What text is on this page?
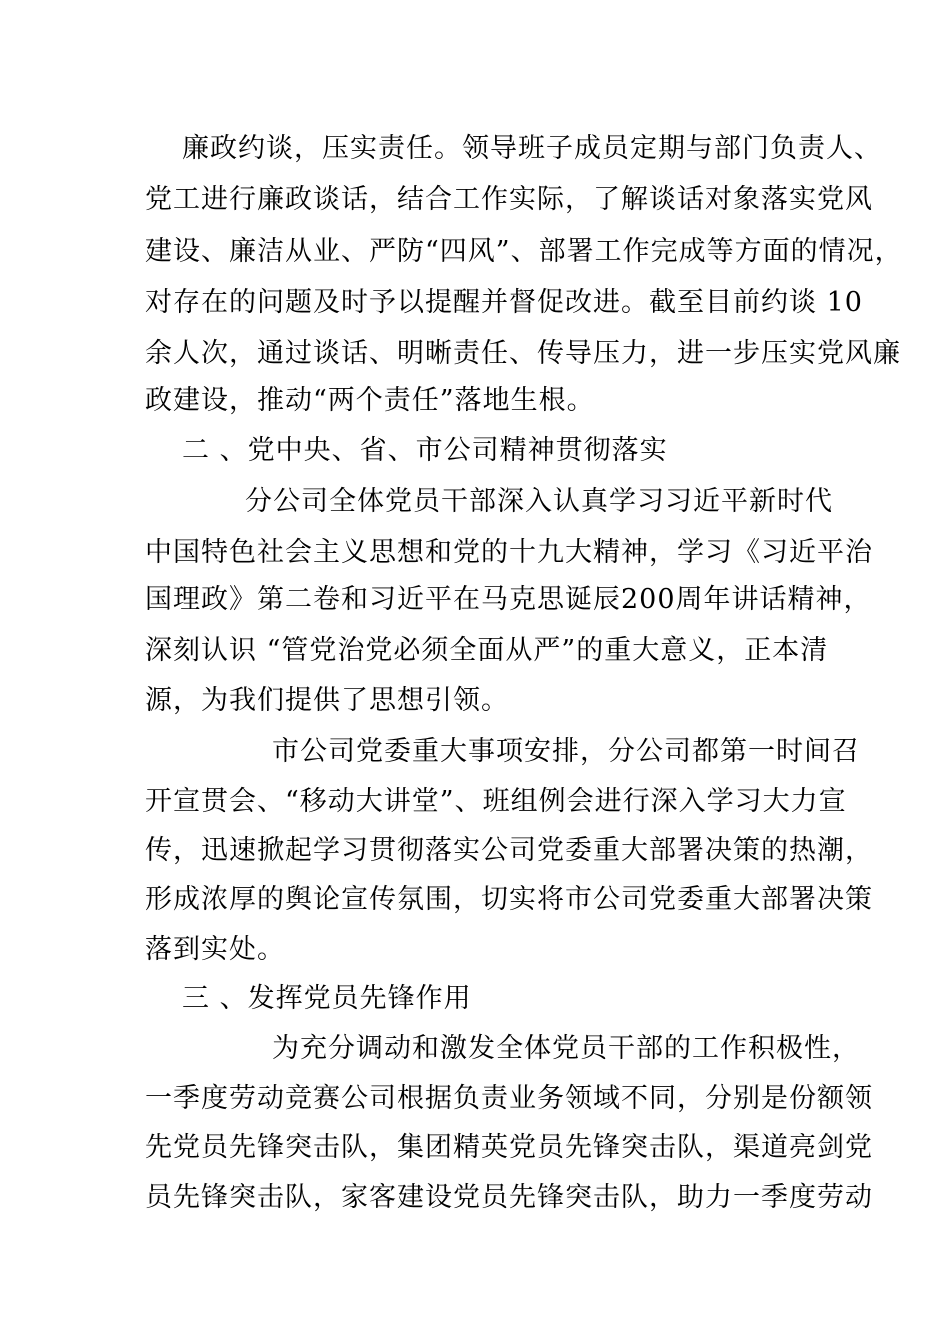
廉政约谈，压实责任。领导班子成员定期与部门负责人、
党工进行廉政谈话，结合工作实际，了解谈话对象落实党风
建设、廉洁从业、严防“四风”、部署工作完成等方面的情况，
对存在的问题及时予以提醒并督促改进。截至目前约谈 10
余人次，通过谈话、明晰责任、传导压力，进一步压实党风廉
政建设，推动“两个责任”落地生根。
二 、党中央、省、市公司精神贯彻落实
分公司全体党员干部深入认真学习习近平新时代
中国特色社会主义思想和党的十九大精神，学习《习近平治
国理政》第二卷和习近平在马克思诞辰200周年讲话精神，
深刻认识 “管党治党必须全面从严”的重大意义，正本清
源，为我们提供了思想引领。
市公司党委重大事项安排，分公司都第一时间召
开宣贯会、“移动大讲堂”、班组例会进行深入学习大力宣
传，迅速掀起学习贯彻落实公司党委重大部署决策的热潮，
形成浓厚的舆论宣传氛围，切实将市公司党委重大部署决策
落到实处。
三 、发挥党员先锋作用
为充分调动和激发全体党员干部的工作积极性，
一季度劳动竞赛公司根据负责业务领域不同，分别是份额领
先党员先锋突击队，集团精英党员先锋突击队，渠道亮剑党
员先锋突击队，家客建设党员先锋突击队，助力一季度劳动
